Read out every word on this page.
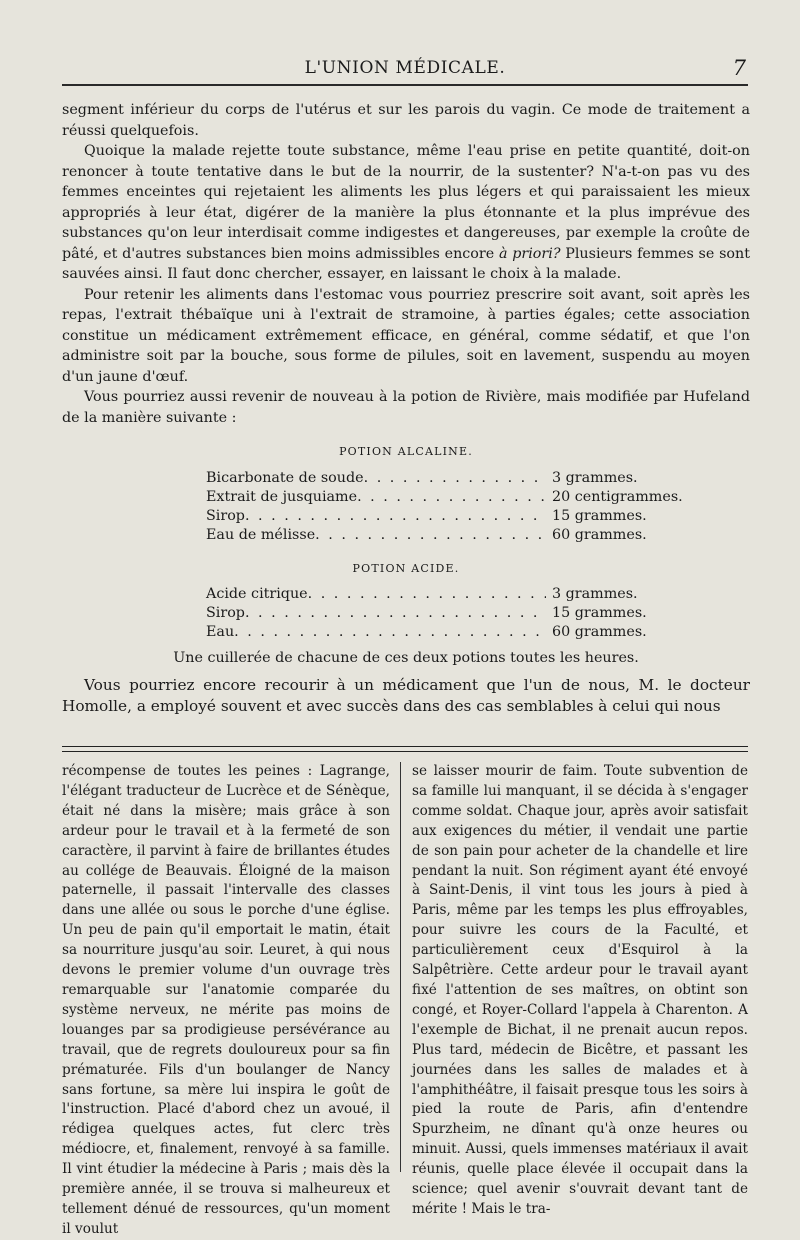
L'UNION MÉDICALE.	7

segment inférieur du corps de l'utérus et sur les parois du vagin. Ce mode de traitement a réussi quelquefois.

Quoique la malade rejette toute substance, même l'eau prise en petite quantité, doit-on renoncer à toute tentative dans le but de la nourrir, de la sustenter? N'a-t-on pas vu des femmes enceintes qui rejetaient les aliments les plus légers et qui paraissaient les mieux appropriés à leur état, digérer de la manière la plus étonnante et la plus imprévue des substances qu'on leur interdisait comme indigestes et dangereuses, par exemple la croûte de pâté, et d'autres substances bien moins admissibles encore à priori? Plusieurs femmes se sont sauvées ainsi. Il faut donc chercher, essayer, en laissant le choix à la malade.

Pour retenir les aliments dans l'estomac vous pourriez prescrire soit avant, soit après les repas, l'extrait thébaïque uni à l'extrait de stramoine, à parties égales; cette association constitue un médicament extrêmement efficace, en général, comme sédatif, et que l'on administre soit par la bouche, sous forme de pilules, soit en lavement, suspendu au moyen d'un jaune d'œuf.

Vous pourriez aussi revenir de nouveau à la potion de Rivière, mais modifiée par Hufeland de la manière suivante :

POTION ALCALINE.
Bicarbonate de soude . . .	3 grammes.
Extrait de jusquiame . . .	20 centigrammes.
Sirop . . .	15 grammes.
Eau de mélisse . . .	60 grammes.
POTION ACIDE.
Acide citrique . . .	3 grammes.
Sirop . . .	15 grammes.
Eau . . .	60 grammes.
Une cuillerée de chacune de ces deux potions toutes les heures.

Vous pourriez encore recourir à un médicament que l'un de nous, M. le docteur Homolle, a employé souvent et avec succès dans des cas semblables à celui qui nous

récompense de toutes les peines : Lagrange, l'élégant traducteur de Lucrèce et de Sénèque, était né dans la misère; mais grâce à son ardeur pour le travail et à la fermeté de son caractère, il parvint à faire de brillantes études au collége de Beauvais. Éloigné de la maison paternelle, il passait l'intervalle des classes dans une allée ou sous le porche d'une église. Un peu de pain qu'il emportait le matin, était sa nourriture jusqu'au soir. Leuret, à qui nous devons le premier volume d'un ouvrage très remarquable sur l'anatomie comparée du système nerveux, ne mérite pas moins de louanges par sa prodigieuse persévérance au travail, que de regrets douloureux pour sa fin prématurée. Fils d'un boulanger de Nancy sans fortune, sa mère lui inspira le goût de l'instruction. Placé d'abord chez un avoué, il rédigea quelques actes, fut clerc très médiocre, et, finalement, renvoyé à sa famille. Il vint étudier la médecine à Paris ; mais dès la première année, il se trouva si malheureux et tellement dénué de ressources, qu'un moment il voulut
se laisser mourir de faim. Toute subvention de sa famille lui manquant, il se décida à s'engager comme soldat. Chaque jour, après avoir satisfait aux exigences du métier, il vendait une partie de son pain pour acheter de la chandelle et lire pendant la nuit. Son régiment ayant été envoyé à Saint-Denis, il vint tous les jours à pied à Paris, même par les temps les plus effroyables, pour suivre les cours de la Faculté, et particulièrement ceux d'Esquirol à la Salpêtrière. Cette ardeur pour le travail ayant fixé l'attention de ses maîtres, on obtint son congé, et Royer-Collard l'appela à Charenton. A l'exemple de Bichat, il ne prenait aucun repos. Plus tard, médecin de Bicêtre, et passant les journées dans les salles de malades et à l'amphithéâtre, il faisait presque tous les soirs à pied la route de Paris, afin d'entendre Spurzheim, ne dînant qu'à onze heures ou minuit. Aussi, quels immenses matériaux il avait réunis, quelle place élevée il occupait dans la science; quel avenir s'ouvrait devant tant de mérite ! Mais le tra-
